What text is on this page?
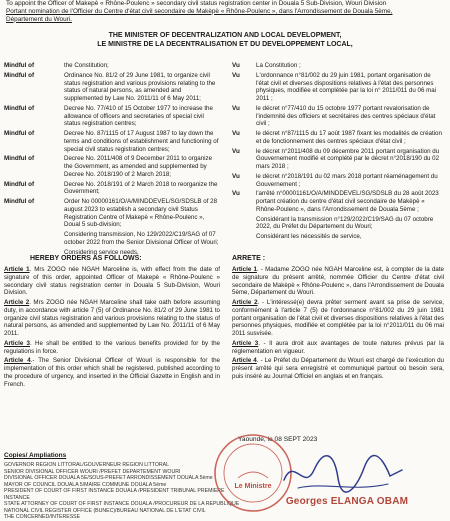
To appoint the Officer of Makepè « Rhône-Poulenc » secondary civil status registration center in Douala 5 Sub-Division, Wouri Division
Portant nomination de l'Officier du Centre d'état civil secondaire de Makèpè « Rhône-Poulenc », dans l'Arrondissement de Douala 5ème,
Département du Wouri.
THE MINISTER OF DECENTRALIZATION AND LOCAL DEVELOPMENT,
LE MINISTRE DE LA DECENTRALISATION ET DU DEVELOPPEMENT LOCAL,
Mindful of	the Constitution;
Mindful of	Ordinance No. 81/2 of 29 June 1981, to organize civil status registration and various provisions relating to the status of natural persons, as amended and supplemented by Law No. 2011/11 of 6 May 2011;
Mindful of	Decree No. 77/410 of 15 October 1977 to increase the allowance of officers and secretaries of special civil status registration centres;
Mindful of	Decree No. 87/1115 of 17 August 1987 to lay down the terms and conditions of establishment and functioning of special civil status registration centres;
Mindful of	Decree No. 2011/408 of 9 December 2011 to organize the Government, as amended and supplemented by Decree No. 2018/190 of 2 March 2018;
Mindful of	Decree No. 2018/191 of 2 March 2018 to reorganize the Government;
Mindful of	Order No 00000161/O/A/MINDDEVEL/SG/SDSLB of 28 august 2023 to establish a secondary civil Status Registration Centre of Makepè « Rhône-Poulenc », Doual 5 sub-division;
Considering transmission, No 129/2022/C19/SAG of 07 october 2022 from the Senior Divisional Officer of Wouri;
Considering service needs,
Vu	La Constitution ;
Vu	L'ordonnance n°81/002 du 29 juin 1981, portant organisation de l'état civil et diverses dispositions relatives à l'état des personnes physiques, modifiée et complétée par la loi n° 2011/011 du 06 mai 2011 ;
Vu	le décret n°77/410 du 15 octobre 1977 portant revalorisation de l'indemnité des officiers et secrétaires des centres spéciaux d'état civil ;
Vu	le décret n°87/1115 du 17 août 1987 fixant les modalités de création et de fonctionnement des centres spéciaux d'état civil ;
Vu	le décret n°2011/408 du 09 décembre 2011 portant organisation du Gouvernement modifié et complété par le décret n°2018/190 du 02 mars 2018 ;
Vu	le décret n°2018/191 du 02 mars 2018 portant réaménagement du Gouvernement ;
Vu	l'arrêté n°00001161/O/A/MINDDEVEL/SG/SDSLB du 28 août 2023 portant création du centre d'état civil secondaire de Makèpè « Rhône-Poulenc », dans l'Arrondissement de Douala 5ème ;
Considérant la transmission n°129/2022/C19/SAG du 07 octobre 2022, du Préfet du Département du Wouri;
Considérant les nécessités de service,
HEREBY ORDERS AS FOLLOWS:	ARRETE :
Article 1. Mrs ZOGO née NGAH Marceline is, with effect from the date of signature of this order, appointed Officer of Makepè « Rhône-Poulenc » secondary civil status registration center in Douala 5 Sub-Division, Wouri Division.
Article 2. Mrs ZOGO née NGAH Marceline shall take oath before assuming duty, in accordance with article 7 (5) of Ordinance No. 81/2 of 29 June 1981 to organize civil status registration and various provisions relating to the status of natural persons, as amended and supplemented by Law No. 2011/11 of 6 May 2011.
Article 3. He shall be entitled to the various benefits provided for by the regulations in force.
Article 4.- The Senior Divisional Officer of Wouri is responsible for the implementation of this order which shall be registered, published according to the procedure of urgency, and inserted in the Official Gazette in English and in French.
Article 1. - Madame ZOGO née NGAH Marceline est, à compter de la date de signature du présent arrêté, nommée Officier du Centre d'état civil secondaire de Makèpè « Rhône-Poulenc », dans l'Arrondissement de Douala 5ème, Département du Wouri.
Article 2. - L'intéressé(e) devra prêter serment avant sa prise de service, conformément à l'article 7 (5) de l'ordonnance n°81/002 du 29 juin 1981 portant organisation de l'état civil et diverses dispositions relatives à l'état des personnes physiques, modifiée et complétée par la loi n°2011/011 du 06 mai 2011 susvisée.
Article 3. - Il aura droit aux avantages de toute natures prévus par la réglementation en vigueur.
Article 4. - Le Préfet du Département du Wouri est chargé de l'exécution du présent arrêté qui sera enregistré et communiqué partout où besoin sera, puis inséré au Journal Officiel en anglais et en français.
Yaoundé, le 08 SEPT 2023
Copies/ Ampliations
GOVERNOR REGION LITTORAL/GOUVERNEUR REGION LITTORAL
SENIOR DIVISIONAL OFFICER WOURI /PREFET DEPARTEMENT WOURI
DIVISIONAL OFFICER DOUALA 5E/SOUS-PREFET ARRONDISSEMENT DOUALA 5ème
MAYOR OF COUNCIL DOUALA 5/MAIRE COMMUNE DOUALA 5ème
PRESIDENT OF COURT OF FIRST INSTANCE DOUALA /PRESIDENT TRIBUNAL PREMIERE INSTANCE
STATE ATTORNEY OF COURT OF FIRST INSTANCE DOUALA /PROCUREUR DE LA REPUBLIQUE
NATIONAL CIVIL REGISTER OFFICE (BUNEC)/BUREAU NATIONAL DE L'ETAT CIVIL
THE CONCERNED/INTERESSE
Le Ministre
Georges ELANGA OBAM
